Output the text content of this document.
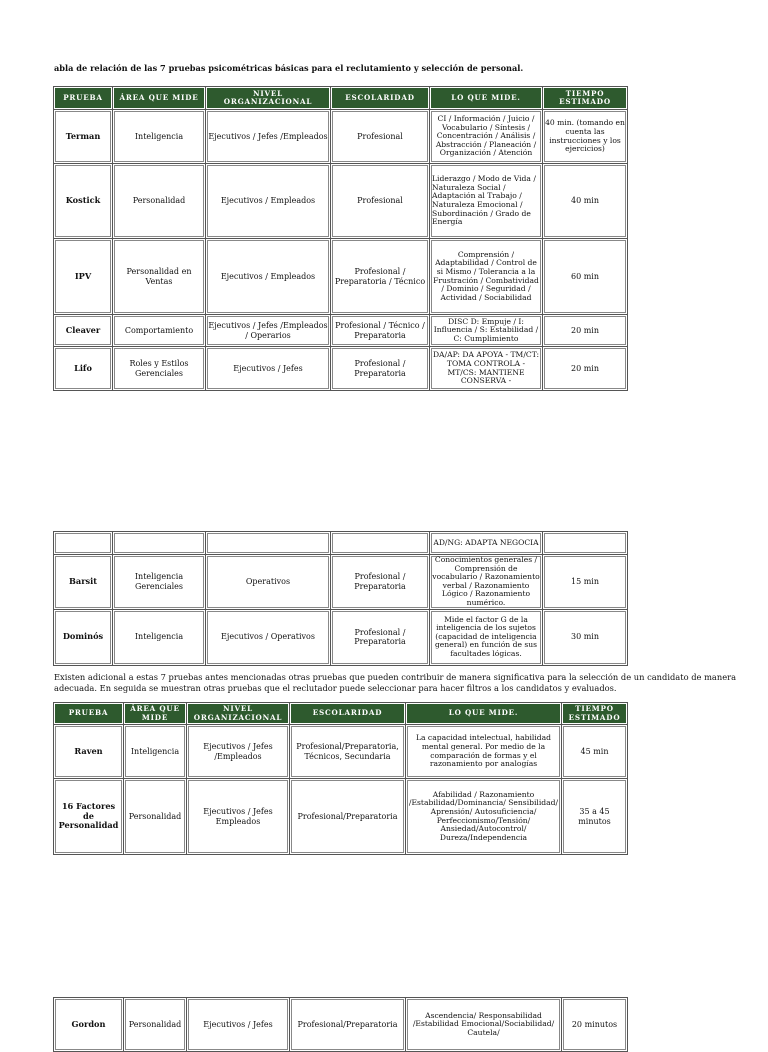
abla de relación de las 7 pruebas psicométricas básicas para el reclutamiento y selección de personal.
PRUEBA	ÁREA QUE MIDE	NIVEL ORGANIZACIONAL	ESCOLARIDAD	LO QUE MIDE.	TIEMPO ESTIMADO
Terman	Inteligencia	Ejecutivos / Jefes /Empleados	Profesional	CI / Información / Juicio / Vocabulario / Síntesis / Concentración / Análisis / Abstracción / Planeación / Organización / Atención	40 min. (tomando en cuenta las instrucciones y los ejercicios)
Kostick	Personalidad	Ejecutivos / Empleados	Profesional	Liderazgo / Modo de Vida / Naturaleza Social / Adaptación al Trabajo / Naturaleza Emocional / Subordinación / Grado de Energía	40 min
IPV	Personalidad en Ventas	Ejecutivos / Empleados	Profesional / Preparatoria / Técnico	Comprensión / Adaptabilidad / Control de si Mismo / Tolerancia a la Frustración / Combatividad / Dominio / Seguridad / Actividad / Sociabilidad	60 min
Cleaver	Comportamiento	Ejecutivos / Jefes /Empleados / Operarios	Profesional / Técnico / Preparatoria	DISC D: Empuje / I: Influencia / S: Estabilidad / C: Cumplimiento	20 min
Lifo	Roles y Estilos Gerenciales	Ejecutivos / Jefes	Profesional / Preparatoria	DA/AP: DA APOYA - TM/CT: TOMA CONTROLA - MT/CS: MANTIENE CONSERVA -	20 min
				AD/NG: ADAPTA NEGOCIA	
Barsit	Inteligencia Gerenciales	Operativos	Profesional / Preparatoria	Conocimientos generales / Comprensión de vocabulario / Razonamiento verbal / Razonamiento Lógico / Razonamiento numérico.	15 min
Dominós	Inteligencia	Ejecutivos / Operativos	Profesional / Preparatoria	Mide el factor G de la inteligencia de los sujetos (capacidad de inteligencia general) en función de sus facultades lógicas.	30 min
Existen adicional a estas 7 pruebas antes mencionadas otras pruebas que pueden contribuir de manera significativa para la selección de un candidato de manera adecuada. En seguida se muestran otras pruebas que el reclutador puede seleccionar para hacer filtros a los candidatos y evaluados.
PRUEBA	ÁREA QUE MIDE	NIVEL ORGANIZACIONAL	ESCOLARIDAD	LO QUE MIDE.	TIEMPO ESTIMADO
Raven	Inteligencia	Ejecutivos / Jefes /Empleados	Profesional/Preparatoria, Técnicos, Secundaria	La capacidad intelectual, habilidad mental general. Por medio de la comparación de formas y el razonamiento por analogías	45 min
16 Factores de Personalidad	Personalidad	Ejecutivos / Jefes Empleados	Profesional/Preparatoria	Afabilidad / Razonamiento /Estabilidad/Dominancia/ Sensibilidad/ Aprensión/ Autosuficiencia/ Perfeccionismo/Tensión/ Ansiedad/Autocontrol/ Dureza/Independencia	35 a 45 minutos
Gordon	Personalidad	Ejecutivos / Jefes	Profesional/Preparatoria	Ascendencia/ Responsabilidad /Estabilidad Emocional/Sociabilidad/ Cautela/	20 minutos
